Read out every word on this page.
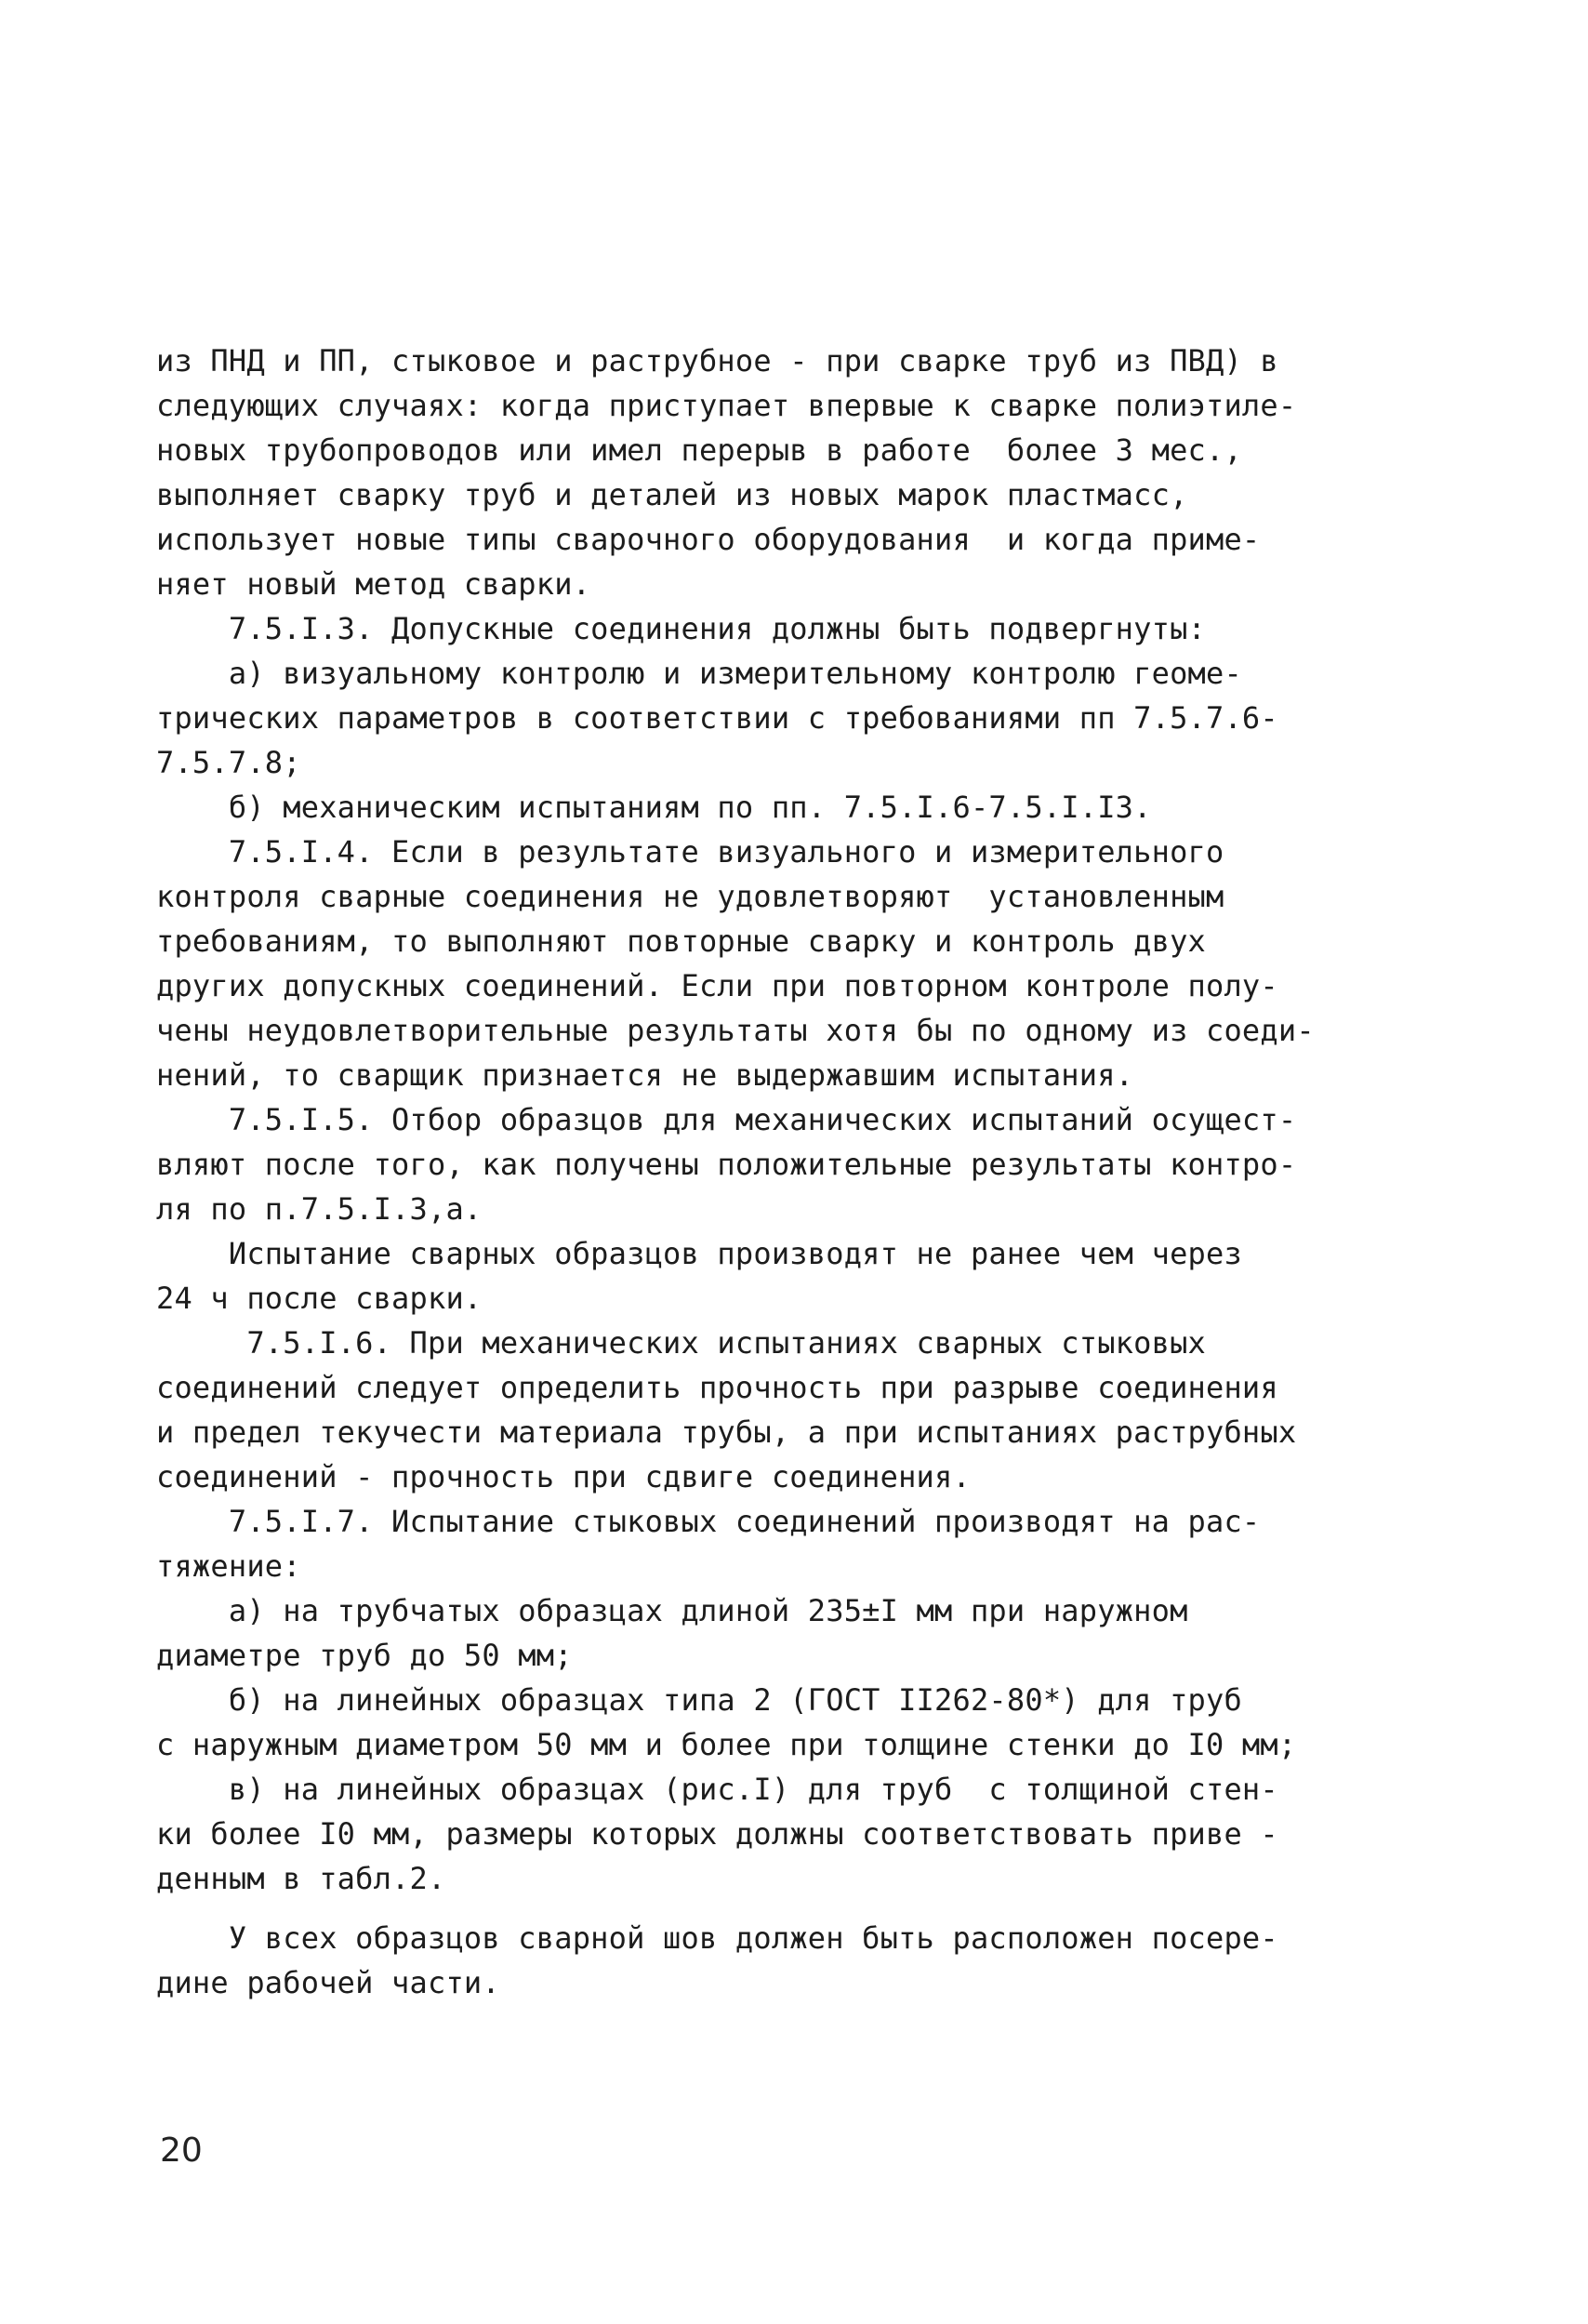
из ПНД и ПП, стыковое и раструбное - при сварке труб из ПВД) в
следующих случаях: когда приступает впервые к сварке полиэтиле-
новых трубопроводов или имел перерыв в работе  более 3 мес.,
выполняет сварку труб и деталей из новых марок пластмасс,
использует новые типы сварочного оборудования  и когда приме-
няет новый метод сварки.
7.5.I.3. Допускные соединения должны быть подвергнуты:
а) визуальному контролю и измерительному контролю геоме-
трических параметров в соответствии с требованиями пп 7.5.7.6-
7.5.7.8;
б) механическим испытаниям по пп. 7.5.I.6-7.5.I.I3.
7.5.I.4. Если в результате визуального и измерительного
контроля сварные соединения не удовлетворяют  установленным
требованиям, то выполняют повторные сварку и контроль двух
других допускных соединений. Если при повторном контроле полу-
чены неудовлетворительные результаты хотя бы по одному из соеди-
нений, то сварщик признается не выдержавшим испытания.
7.5.I.5. Отбор образцов для механических испытаний осущест-
вляют после того, как получены положительные результаты контро-
ля по п.7.5.I.3,а.
Испытание сварных образцов производят не ранее чем через
24 ч после сварки.
7.5.I.6. При механических испытаниях сварных стыковых
соединений следует определить прочность при разрыве соединения
и предел текучести материала трубы, а при испытаниях раструбных
соединений - прочность при сдвиге соединения.
7.5.I.7. Испытание стыковых соединений производят на рас-
тяжение:
а) на трубчатых образцах длиной 235±I мм при наружном
диаметре труб до 50 мм;
б) на линейных образцах типа 2 (ГОСТ II262-80*) для труб
с наружным диаметром 50 мм и более при толщине стенки до I0 мм;
в) на линейных образцах (рис.I) для труб  с толщиной стен-
ки более I0 мм, размеры которых должны соответствовать приве -
денным в табл.2.
У всех образцов сварной шов должен быть расположен посере-
дине рабочей части.
20
